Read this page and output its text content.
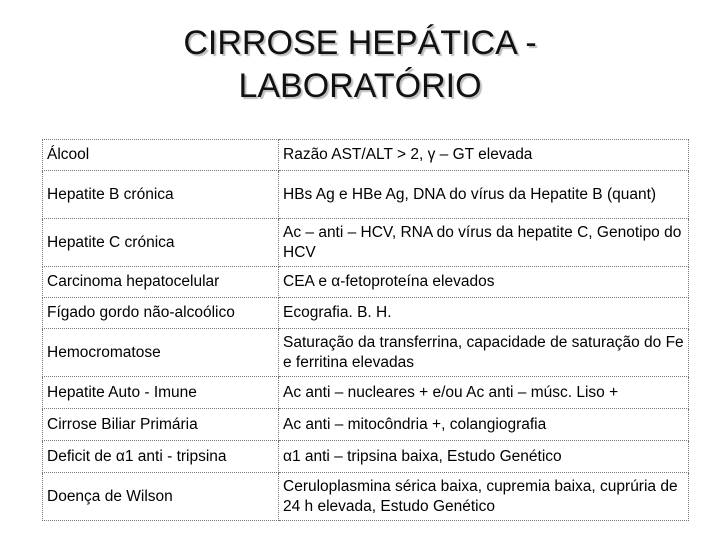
CIRROSE HEPÁTICA -
LABORATÓRIO
Álcool	Razão AST/ALT > 2, γ – GT elevada
Hepatite B crónica	HBs Ag e HBe Ag, DNA do vírus da Hepatite B (quant)
Hepatite C crónica	Ac – anti – HCV, RNA do vírus da hepatite C, Genotipo do HCV
Carcinoma hepatocelular	CEA e α-fetoproteína elevados
Fígado gordo não-alcoólico	Ecografia. B. H.
Hemocromatose	Saturação da transferrina, capacidade de saturação do Fe e ferritina elevadas
Hepatite Auto - Imune	Ac anti – nucleares + e/ou Ac anti – músc. Liso +
Cirrose Biliar Primária	Ac anti – mitocôndria +, colangiografia
Deficit de α1 anti - tripsina	α1 anti – tripsina baixa, Estudo Genético
Doença de Wilson	Ceruloplasmina sérica baixa, cupremia baixa, cuprúria de 24 h elevada, Estudo Genético
